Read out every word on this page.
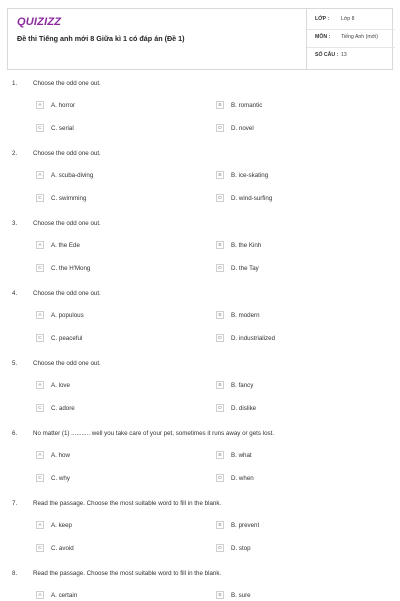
QUIZIZZ
Đề thi Tiếng anh mới 8 Giữa kì 1 có đáp án (Đề 1)
LỚP : Lớp 8
MÔN : Tiếng Anh (mới)
SỐ CÂU : 13
1.	Choose the odd one out.
A	A. horror	B	B. romantic
C	C. serial	D	D. novel
2.	Choose the odd one out.
A	A. scuba-diving	B	B. ice-skating
C	C. swimming	D	D. wind-surfing
3.	Choose the odd one out.
A	A. the Ede	B	B. the Kinh
C	C. the H'Mong	D	D. the Tay
4.	Choose the odd one out.
A	A. populous	B	B. modern
C	C. peaceful	D	D. industrialized
5.	Choose the odd one out.
A	A. love	B	B. fancy
C	C. adore	D	D. dislike
6.	No matter (1) ........... well you take care of your pet, sometimes it runs away or gets lost.
A	A. how	B	B. what
C	C. why	D	D. when
7.	Read the passage. Choose the most suitable word to fill in the blank.
A	A. keep	B	B. prevent
C	C. avoid	D	D. stop
8.	Read the passage. Choose the most suitable word to fill in the blank.
A	A. certain	B	B. sure
